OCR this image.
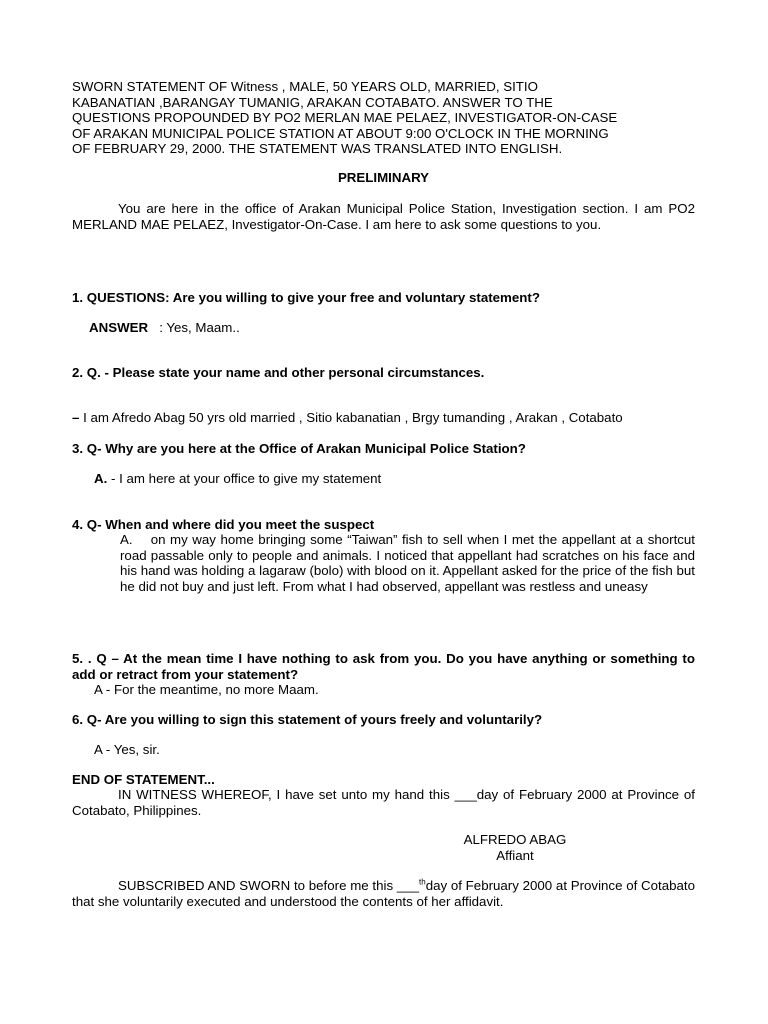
SWORN STATEMENT OF Witness , MALE, 50 YEARS OLD, MARRIED, SITIO
KABANATIAN ,BARANGAY TUMANIG, ARAKAN COTABATO. ANSWER TO THE
QUESTIONS PROPOUNDED BY PO2 MERLAN MAE PELAEZ, INVESTIGATOR-ON-CASE
OF ARAKAN MUNICIPAL POLICE STATION AT ABOUT 9:00 O'CLOCK IN THE MORNING
OF FEBRUARY 29, 2000. THE STATEMENT WAS TRANSLATED INTO ENGLISH.
PRELIMINARY
You are here in the office of Arakan Municipal Police Station, Investigation section. I am PO2 MERLAND MAE PELAEZ, Investigator-On-Case. I am here to ask some questions to you.
1. QUESTIONS: Are you willing to give your free and voluntary statement?
ANSWER : Yes, Maam..
2. Q. - Please state your name and other personal circumstances.
– I am Afredo Abag 50 yrs old married , Sitio kabanatian , Brgy tumanding , Arakan , Cotabato
3. Q- Why are you here at the Office of Arakan Municipal Police Station?
A. - I am here at your office to give my statement
4. Q- When and where did you meet the suspect
A.    on my way home bringing some “Taiwan” fish to sell when I met the appellant at a shortcut road passable only to people and animals. I noticed that appellant had scratches on his face and his hand was holding a lagaraw (bolo) with blood on it. Appellant asked for the price of the fish but he did not buy and just left. From what I had observed, appellant was restless and uneasy
5. . Q – At the mean time I have nothing to ask from you. Do you have anything or something to add or retract from your statement?
A - For the meantime, no more Maam.
6. Q- Are you willing to sign this statement of yours freely and voluntarily?
A - Yes, sir.
END OF STATEMENT...
IN WITNESS WHEREOF, I have set unto my hand this ___day of February 2000 at Province of Cotabato, Philippines.
ALFREDO ABAG
Affiant
SUBSCRIBED AND SWORN to before me this ___$^{th}$day of February 2000 at Province of Cotabato that she voluntarily executed and understood the contents of her affidavit.
